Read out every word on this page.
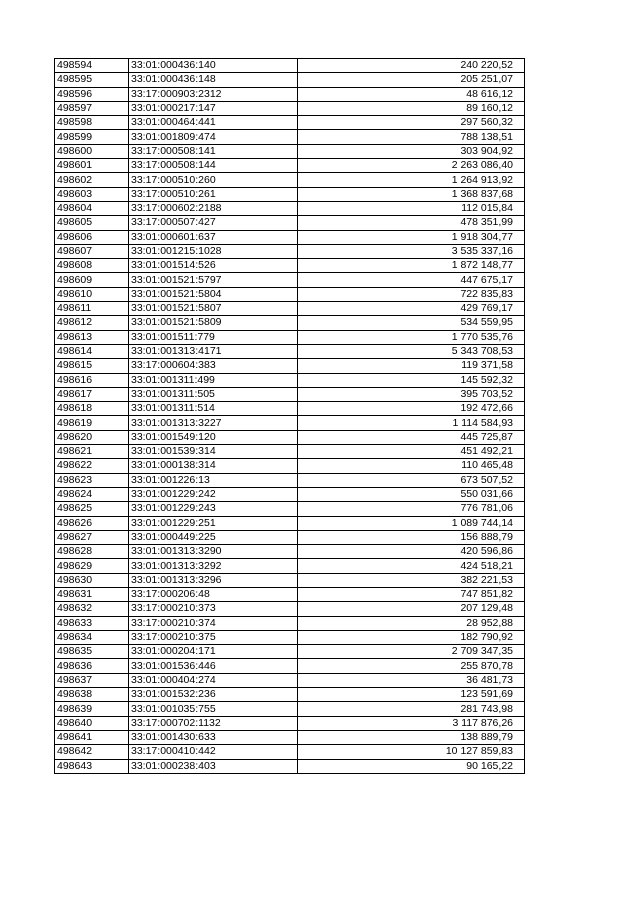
498594	33:01:000436:140	240 220,52
498595	33:01:000436:148	205 251,07
498596	33:17:000903:2312	48 616,12
498597	33:01:000217:147	89 160,12
498598	33:01:000464:441	297 560,32
498599	33:01:001809:474	788 138,51
498600	33:17:000508:141	303 904,92
498601	33:17:000508:144	2 263 086,40
498602	33:17:000510:260	1 264 913,92
498603	33:17:000510:261	1 368 837,68
498604	33:17:000602:2188	112 015,84
498605	33:17:000507:427	478 351,99
498606	33:01:000601:637	1 918 304,77
498607	33:01:001215:1028	3 535 337,16
498608	33:01:001514:526	1 872 148,77
498609	33:01:001521:5797	447 675,17
498610	33:01:001521:5804	722 835,83
498611	33:01:001521:5807	429 769,17
498612	33:01:001521:5809	534 559,95
498613	33:01:001511:779	1 770 535,76
498614	33:01:001313:4171	5 343 708,53
498615	33:17:000604:383	119 371,58
498616	33:01:001311:499	145 592,32
498617	33:01:001311:505	395 703,52
498618	33:01:001311:514	192 472,66
498619	33:01:001313:3227	1 114 584,93
498620	33:01:001549:120	445 725,87
498621	33:01:001539:314	451 492,21
498622	33:01:000138:314	110 465,48
498623	33:01:001226:13	673 507,52
498624	33:01:001229:242	550 031,66
498625	33:01:001229:243	776 781,06
498626	33:01:001229:251	1 089 744,14
498627	33:01:000449:225	156 888,79
498628	33:01:001313:3290	420 596,86
498629	33:01:001313:3292	424 518,21
498630	33:01:001313:3296	382 221,53
498631	33:17:000206:48	747 851,82
498632	33:17:000210:373	207 129,48
498633	33:17:000210:374	28 952,88
498634	33:17:000210:375	182 790,92
498635	33:01:000204:171	2 709 347,35
498636	33:01:001536:446	255 870,78
498637	33:01:000404:274	36 481,73
498638	33:01:001532:236	123 591,69
498639	33:01:001035:755	281 743,98
498640	33:17:000702:1132	3 117 876,26
498641	33:01:001430:633	138 889,79
498642	33:17:000410:442	10 127 859,83
498643	33:01:000238:403	90 165,22
